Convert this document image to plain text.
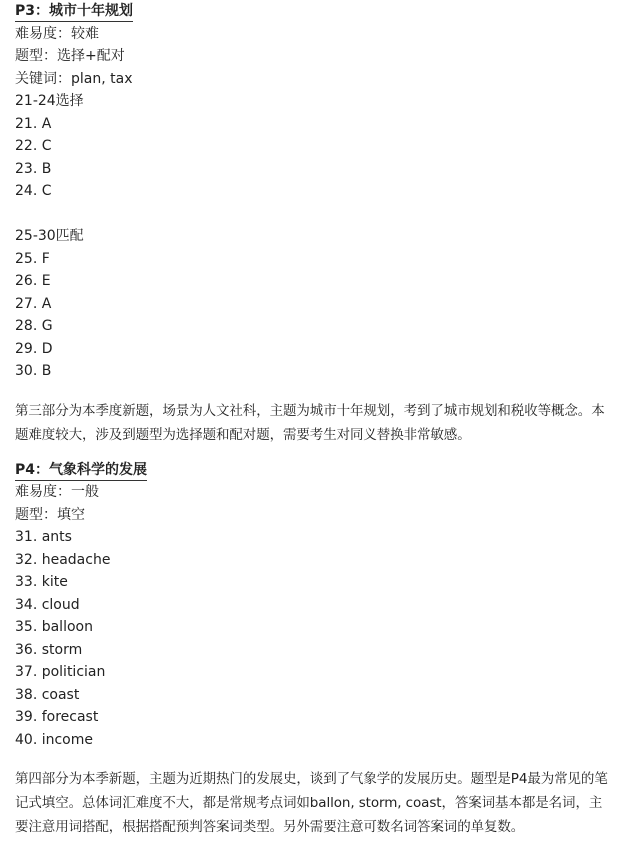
P3：城市十年规划
难易度：较难
题型：选择+配对
关键词：plan, tax
21-24选择
21. A
22. C
23. B
24. C
25-30匹配
25. F
26. E
27. A
28. G
29. D
30. B

第三部分为本季度新题，场景为人文社科，主题为城市十年规划，考到了城市规划和税收等概念。本题难度较大，涉及到题型为选择题和配对题，需要考生对同义替换非常敏感。

P4：气象科学的发展
难易度：一般
题型：填空
31. ants
32. headache
33. kite
34. cloud
35. balloon
36. storm
37. politician
38. coast
39. forecast
40. income

第四部分为本季新题，主题为近期热门的发展史，谈到了气象学的发展历史。题型是P4最为常见的笔记式填空。总体词汇难度不大，都是常规考点词如ballon, storm, coast，答案词基本都是名词，主要注意用词搭配，根据搭配预判答案词类型。另外需要注意可数名词答案词的单复数。
